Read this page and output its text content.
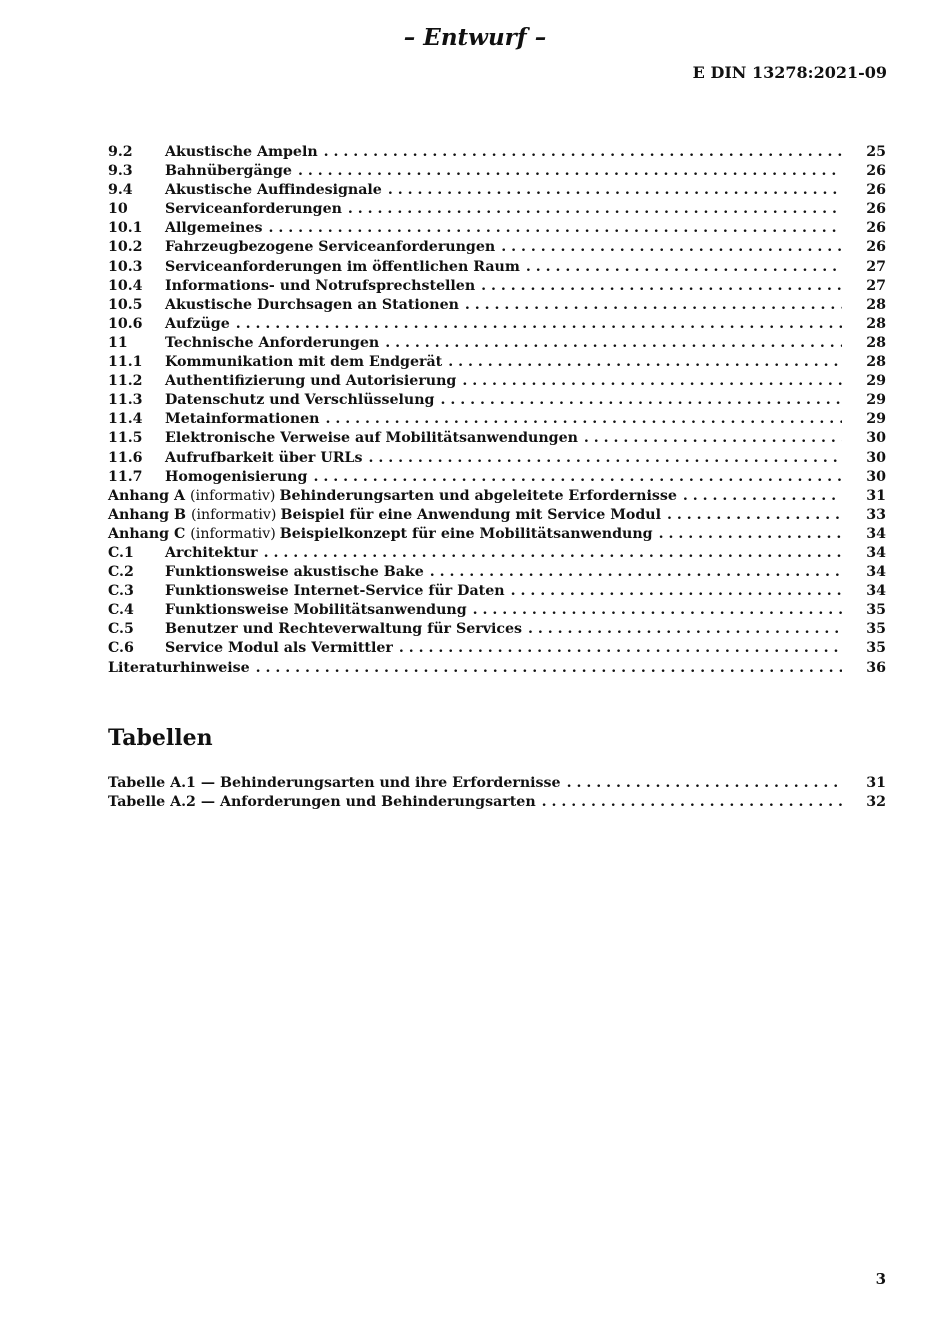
– Entwurf –
E DIN 13278:2021-09
9.2	Akustische Ampeln . . .	25
9.3	Bahnübergänge . . .	26
9.4	Akustische Auffindesignale . . .	26
10	Serviceanforderungen . . .	26
10.1	Allgemeines . . .	26
10.2	Fahrzeugbezogene Serviceanforderungen . . .	26
10.3	Serviceanforderungen im öffentlichen Raum . . .	27
10.4	Informations- und Notrufsprechstellen . . .	27
10.5	Akustische Durchsagen an Stationen . . .	28
10.6	Aufzüge . . .	28
11	Technische Anforderungen . . .	28
11.1	Kommunikation mit dem Endgerät . . .	28
11.2	Authentifizierung und Autorisierung . . .	29
11.3	Datenschutz und Verschlüsselung . . .	29
11.4	Metainformationen . . .	29
11.5	Elektronische Verweise auf Mobilitätsanwendungen . . .	30
11.6	Aufrufbarkeit über URLs . . .	30
11.7	Homogenisierung . . .	30
Anhang A (informativ) Behinderungsarten und abgeleitete Erfordernisse . . .	31
Anhang B (informativ) Beispiel für eine Anwendung mit Service Modul . . .	33
Anhang C (informativ) Beispielkonzept für eine Mobilitätsanwendung . . .	34
C.1	Architektur . . .	34
C.2	Funktionsweise akustische Bake . . .	34
C.3	Funktionsweise Internet-Service für Daten . . .	34
C.4	Funktionsweise Mobilitätsanwendung . . .	35
C.5	Benutzer und Rechteverwaltung für Services . . .	35
C.6	Service Modul als Vermittler . . .	35
Literaturhinweise . . .	36
Tabellen
Tabelle A.1 — Behinderungsarten und ihre Erfordernisse . . .	31
Tabelle A.2 — Anforderungen und Behinderungsarten . . .	32
3
